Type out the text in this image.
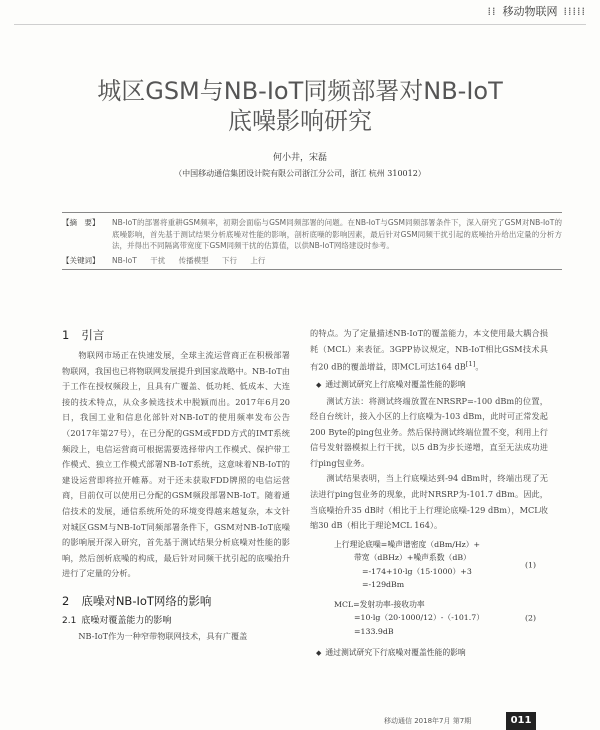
⁞⁞ 移动物联网 ⁞⁞⁞⁞⁞
城区GSM与NB-IoT同频部署对NB-IoT
底噪影响研究
何小井，宋磊
（中国移动通信集团设计院有限公司浙江分公司，浙江 杭州 310012）
【摘　要】	NB-IoT的部署将重耕GSM频率，初期会面临与GSM同频部署的问题。在NB-IoT与GSM同频部署条件下，深入研究了GSM对NB-IoT的底噪影响，首先基于测试结果分析底噪对性能的影响，剖析底噪的影响因素，最后针对GSM同频干扰引起的底噪抬升给出定量的分析方法，并得出不同隔离带宽度下GSM同频干扰的估算值，以供NB-IoT网络建设时参考。
【关键词】	NB-IoT 干扰 传播模型 下行 上行
1 引言

物联网市场正在快速发展，全球主流运营商正在积极部署物联网，我国也已将物联网发展提升到国家战略中。NB-IoT由于工作在授权频段上，且具有广覆盖、低功耗、低成本、大连接的技术特点，从众多候选技术中脱颖而出。2017年6月20日，我国工业和信息化部针对NB-IoT的使用频率发布公告（2017年第27号），在已分配的GSM或FDD方式的IMT系统频段上，电信运营商可根据需要选择带内工作模式、保护带工作模式、独立工作模式部署NB-IoT系统，这意味着NB-IoT的建设运营即将拉开帷幕。对于还未获取FDD牌照的电信运营商，目前仅可以使用已分配的GSM频段部署NB-IoT。随着通信技术的发展，通信系统所处的环境变得越来越复杂，本文针对城区GSM与NB-IoT同频部署条件下，GSM对NB-IoT底噪的影响展开深入研究，首先基于测试结果分析底噪对性能的影响，然后剖析底噪的构成，最后针对同频干扰引起的底噪抬升进行了定量的分析。

2 底噪对NB-IoT网络的影响
2.1 底噪对覆盖能力的影响

NB-IoT作为一种窄带物联网技术，具有广覆盖

的特点。为了定量描述NB-IoT的覆盖能力，本文使用最大耦合损耗（MCL）来表征。3GPP协议规定，NB-IoT相比GSM技术具有20 dB的覆盖增益，即MCL可达164 dB[1]。

◆ 通过测试研究上行底噪对覆盖性能的影响

测试方法：将测试终端放置在NRSRP=-100 dBm的位置，经自台统计，接入小区的上行底噪为-103 dBm，此时可正常发起200 Byte的ping包业务。然后保持测试终端位置不变，利用上行信号发射器模拟上行干扰，以5 dB为步长递增，直至无法成功进行ping包业务。

测试结果表明，当上行底噪达到-94 dBm时，终端出现了无法进行ping包业务的现象，此时NRSRP为-101.7 dBm。因此，当底噪抬升35 dB时（相比于上行理论底噪-129 dBm），MCL收缩30 dB（相比于理论MCL 164）。

上行理论底噪=噪声谱密度（dBm/Hz）+
带宽（dBHz）+噪声系数（dB）
=-174+10·lg（15·1000）+3
=-129dBm
(1)
MCL=发射功率-接收功率
=10·lg（20·1000/12）-（-101.7）
=133.9dB
(2)
◆ 通过测试研究下行底噪对覆盖性能的影响
移动通信 2018年7月 第7期	011
